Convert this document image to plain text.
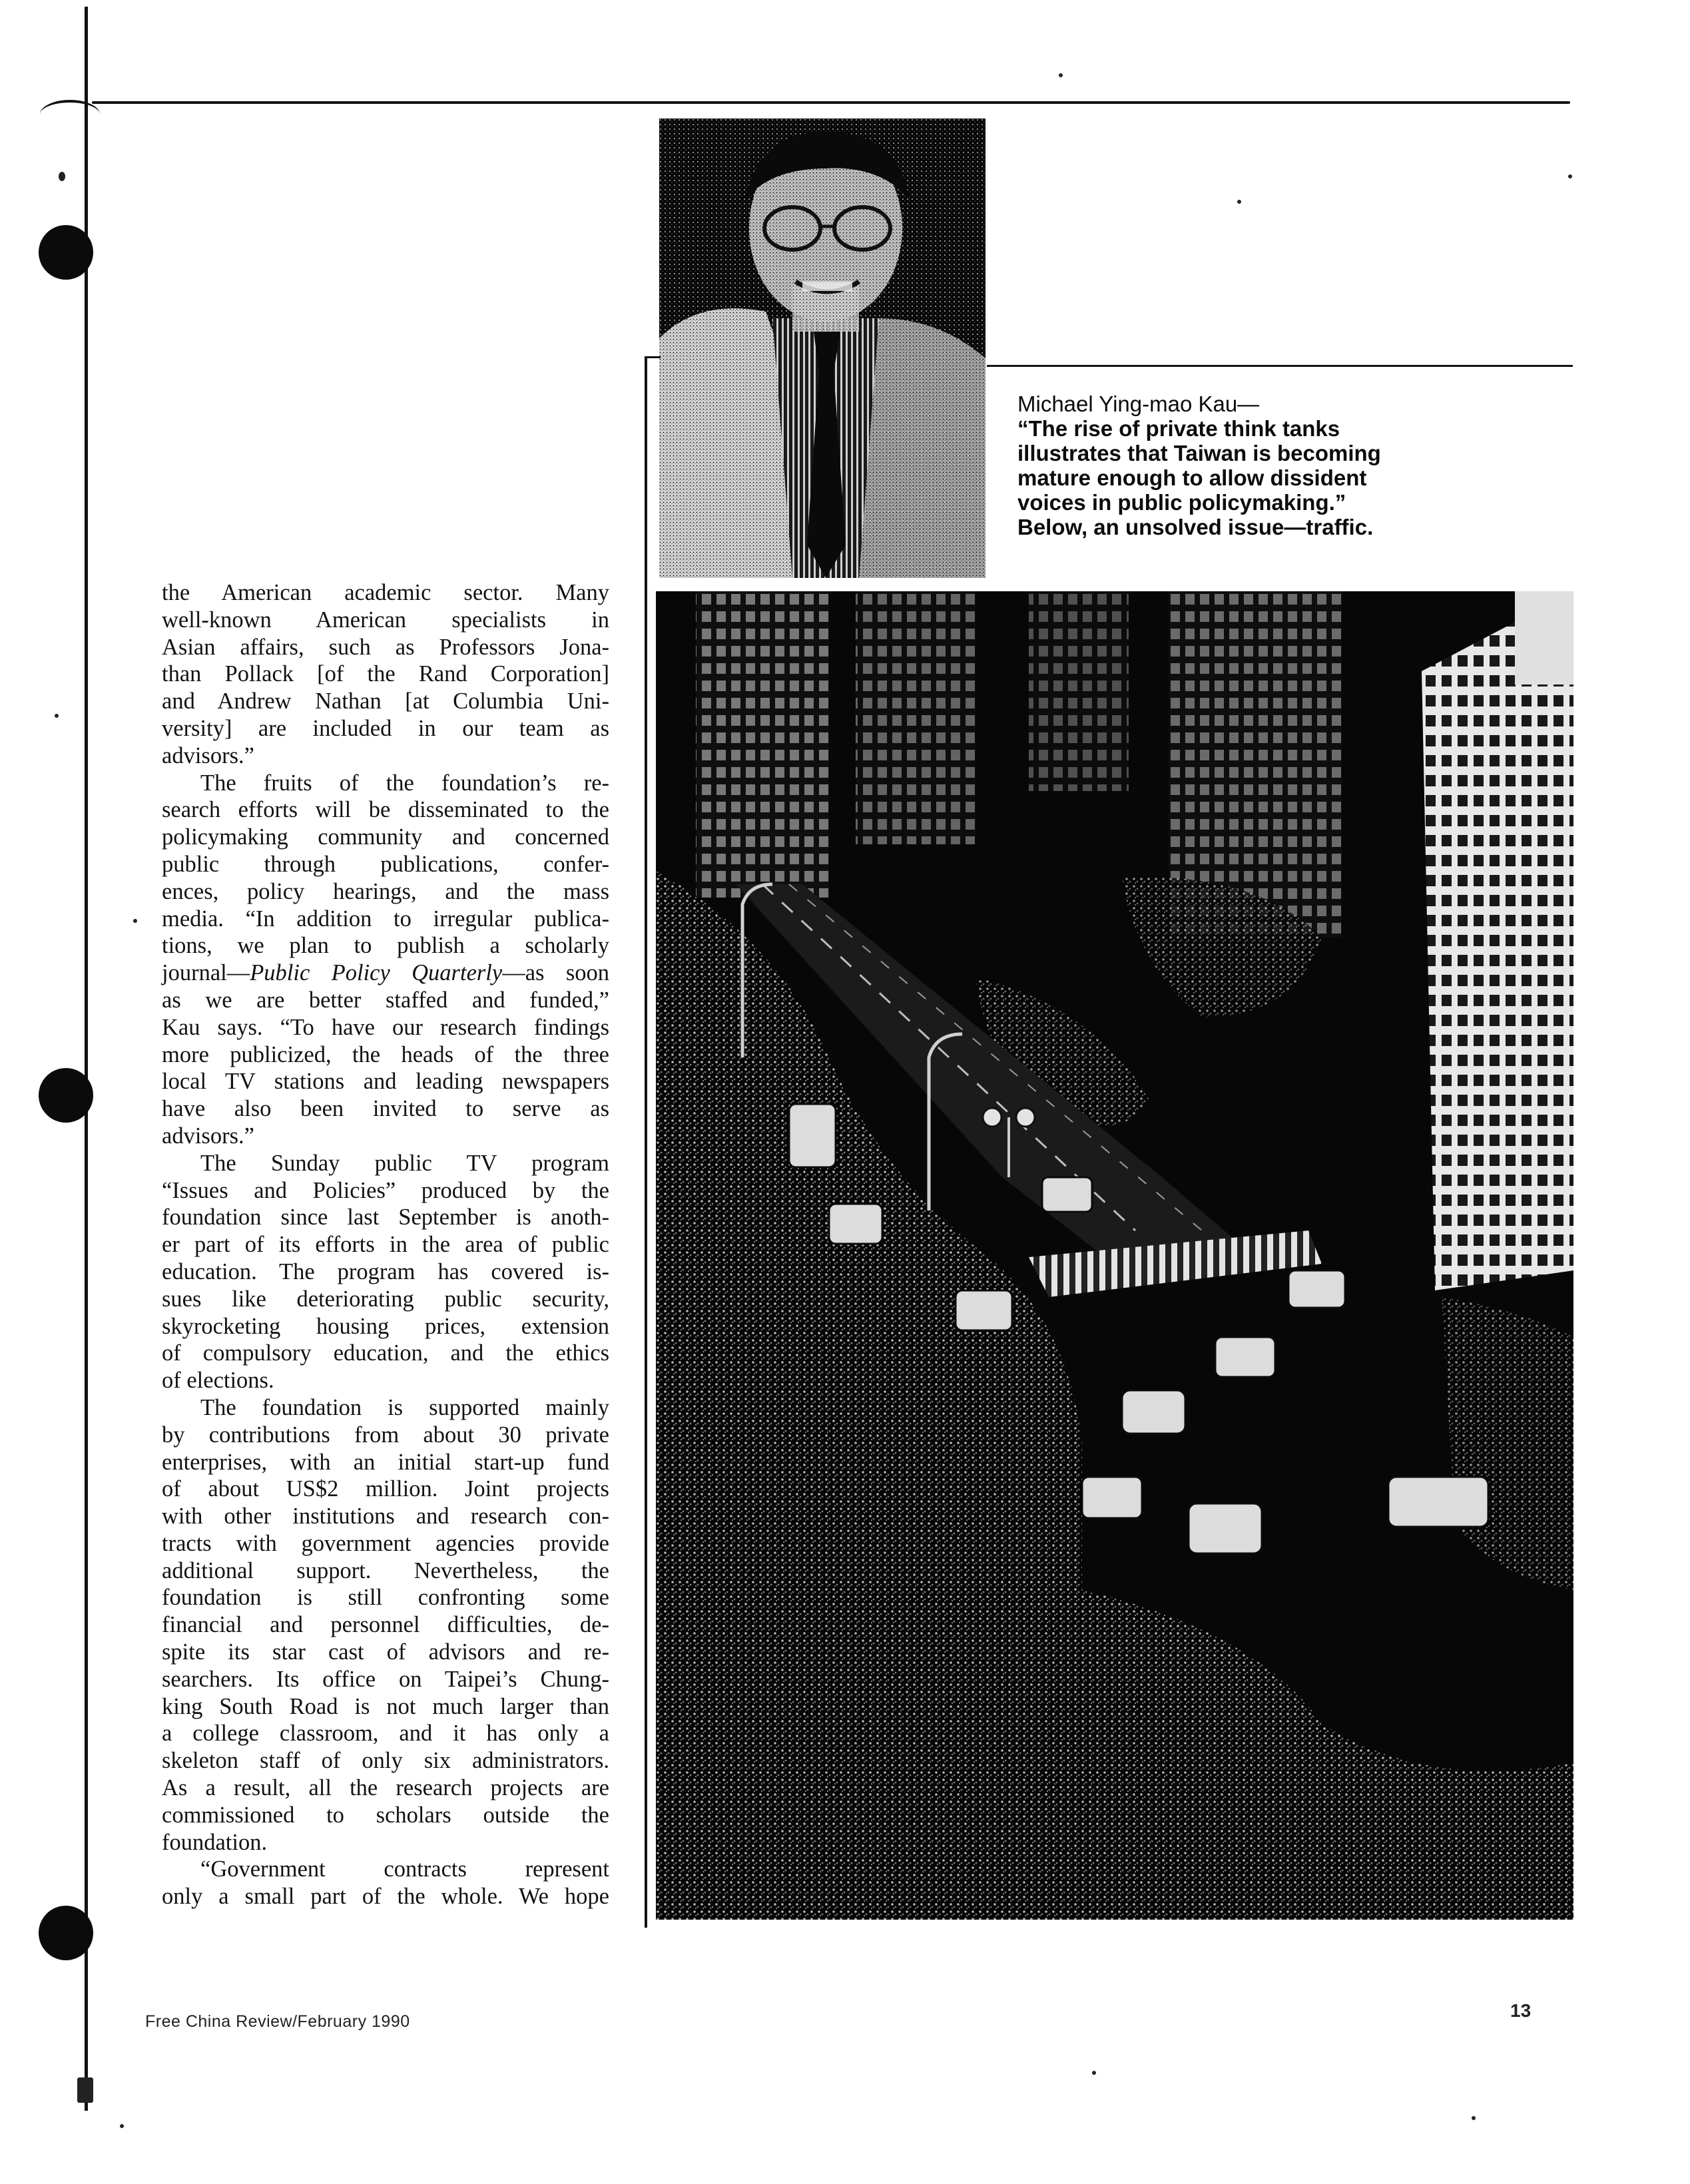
Michael Ying-mao Kau—
“The rise of private think tanks
illustrates that Taiwan is becoming
mature enough to allow dissident
voices in public policymaking.”
Below, an unsolved issue—traffic.

the American academic sector. Many
well-known American specialists in
Asian affairs, such as Professors Jona-
than Pollack [of the Rand Corporation]
and Andrew Nathan [at Columbia Uni-
versity] are included in our team as
advisors.”

The fruits of the foundation’s re-
search efforts will be disseminated to the
policymaking community and concerned
public through publications, confer-
ences, policy hearings, and the mass
media. “In addition to irregular publica-
tions, we plan to publish a scholarly
journal—Public Policy Quarterly—as soon
as we are better staffed and funded,”
Kau says. “To have our research findings
more publicized, the heads of the three
local TV stations and leading newspapers
have also been invited to serve as
advisors.”

The Sunday public TV program
“Issues and Policies” produced by the
foundation since last September is anoth-
er part of its efforts in the area of public
education. The program has covered is-
sues like deteriorating public security,
skyrocketing housing prices, extension
of compulsory education, and the ethics
of elections.

The foundation is supported mainly
by contributions from about 30 private
enterprises, with an initial start-up fund
of about US$2 million. Joint projects
with other institutions and research con-
tracts with government agencies provide
additional support. Nevertheless, the
foundation is still confronting some
financial and personnel difficulties, de-
spite its star cast of advisors and re-
searchers. Its office on Taipei’s Chung-
king South Road is not much larger than
a college classroom, and it has only a
skeleton staff of only six administrators.
As a result, all the research projects are
commissioned to scholars outside the
foundation.

“Government contracts represent
only a small part of the whole. We hope

Free China Review/February 1990
13
